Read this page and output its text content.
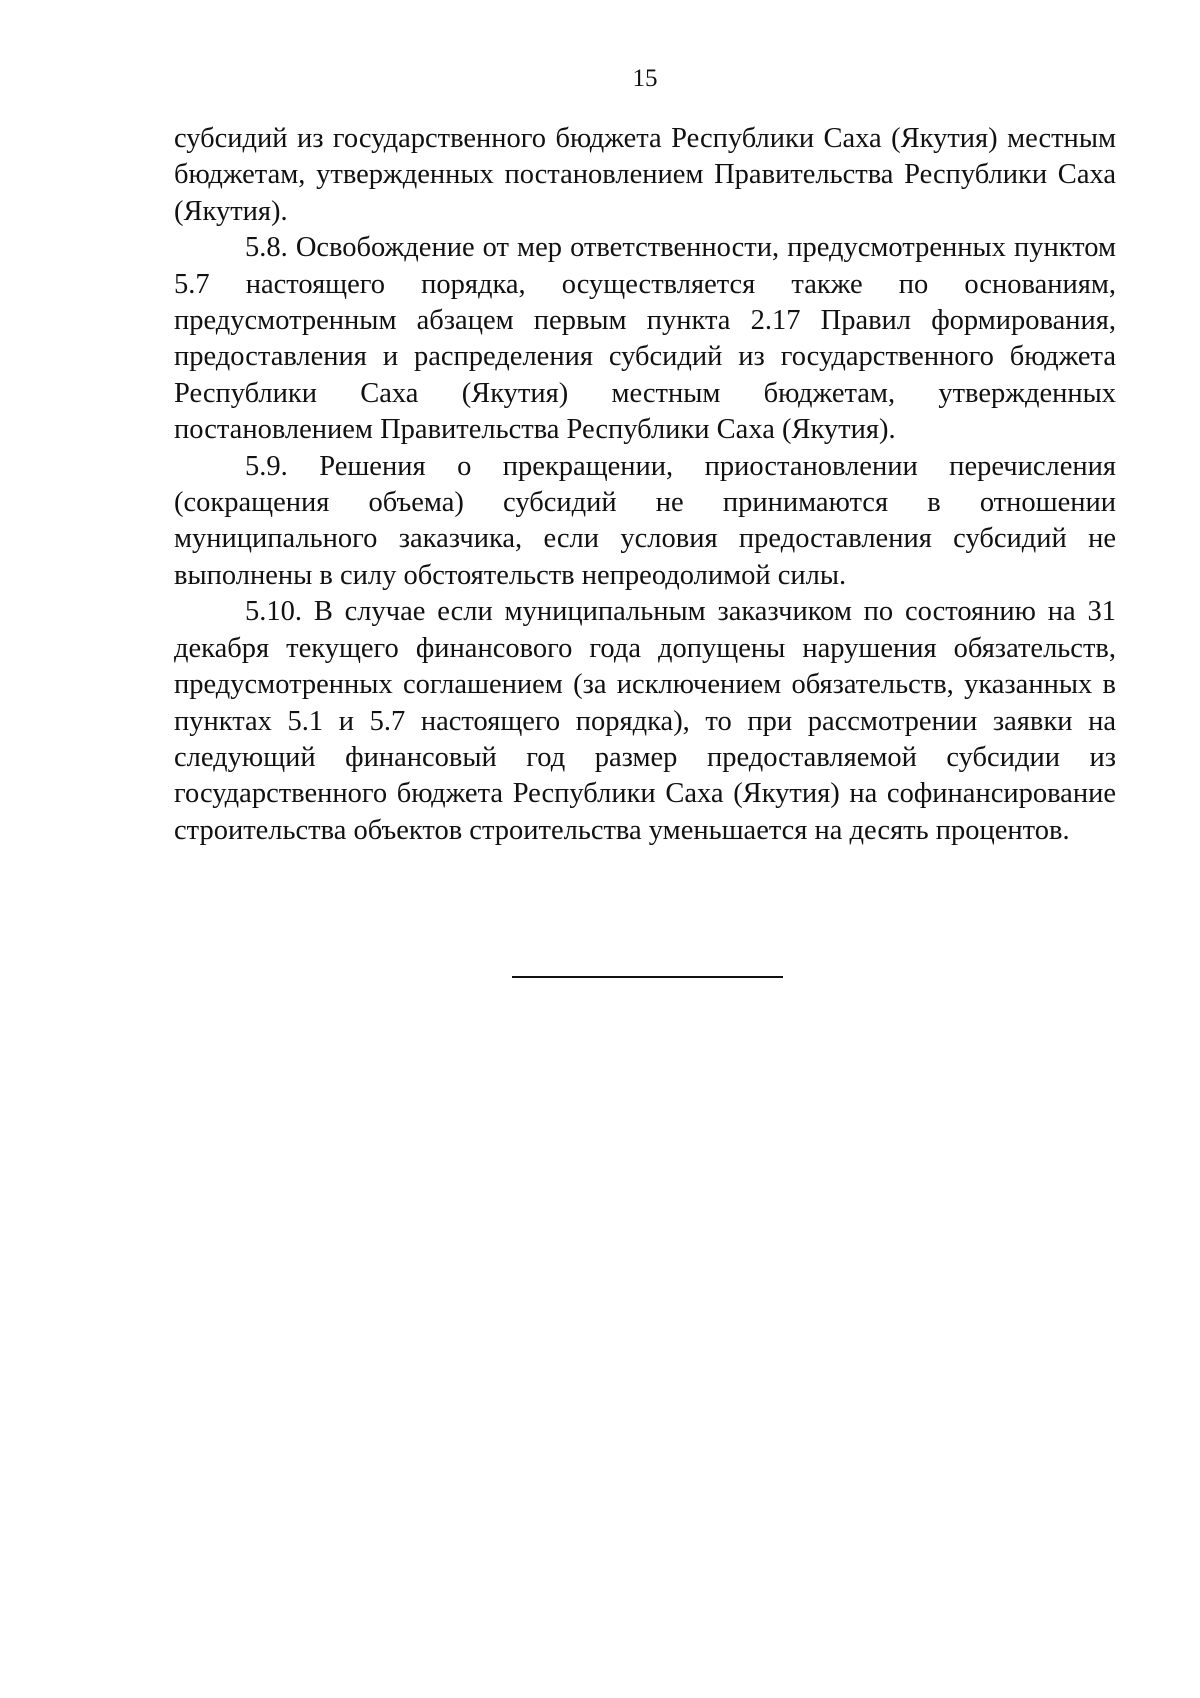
15

субсидий из государственного бюджета Республики Саха (Якутия) местным бюджетам, утвержденных постановлением Правительства Республики Саха (Якутия).

5.8. Освобождение от мер ответственности, предусмотренных пунктом 5.7 настоящего порядка, осуществляется также по основаниям, предусмотренным абзацем первым пункта 2.17 Правил формирования, предоставления и распределения субсидий из государственного бюджета Республики Саха (Якутия) местным бюджетам, утвержденных постановлением Правительства Республики Саха (Якутия).

5.9. Решения о прекращении, приостановлении перечисления (сокращения объема) субсидий не принимаются в отношении муниципального заказчика, если условия предоставления субсидий не выполнены в силу обстоятельств непреодолимой силы.

5.10. В случае если муниципальным заказчиком по состоянию на 31 декабря текущего финансового года допущены нарушения обязательств, предусмотренных соглашением (за исключением обязательств, указанных в пунктах 5.1 и 5.7 настоящего порядка), то при рассмотрении заявки на следующий финансовый год размер предоставляемой субсидии из государственного бюджета Республики Саха (Якутия) на софинансирование строительства объектов строительства уменьшается на десять процентов.
